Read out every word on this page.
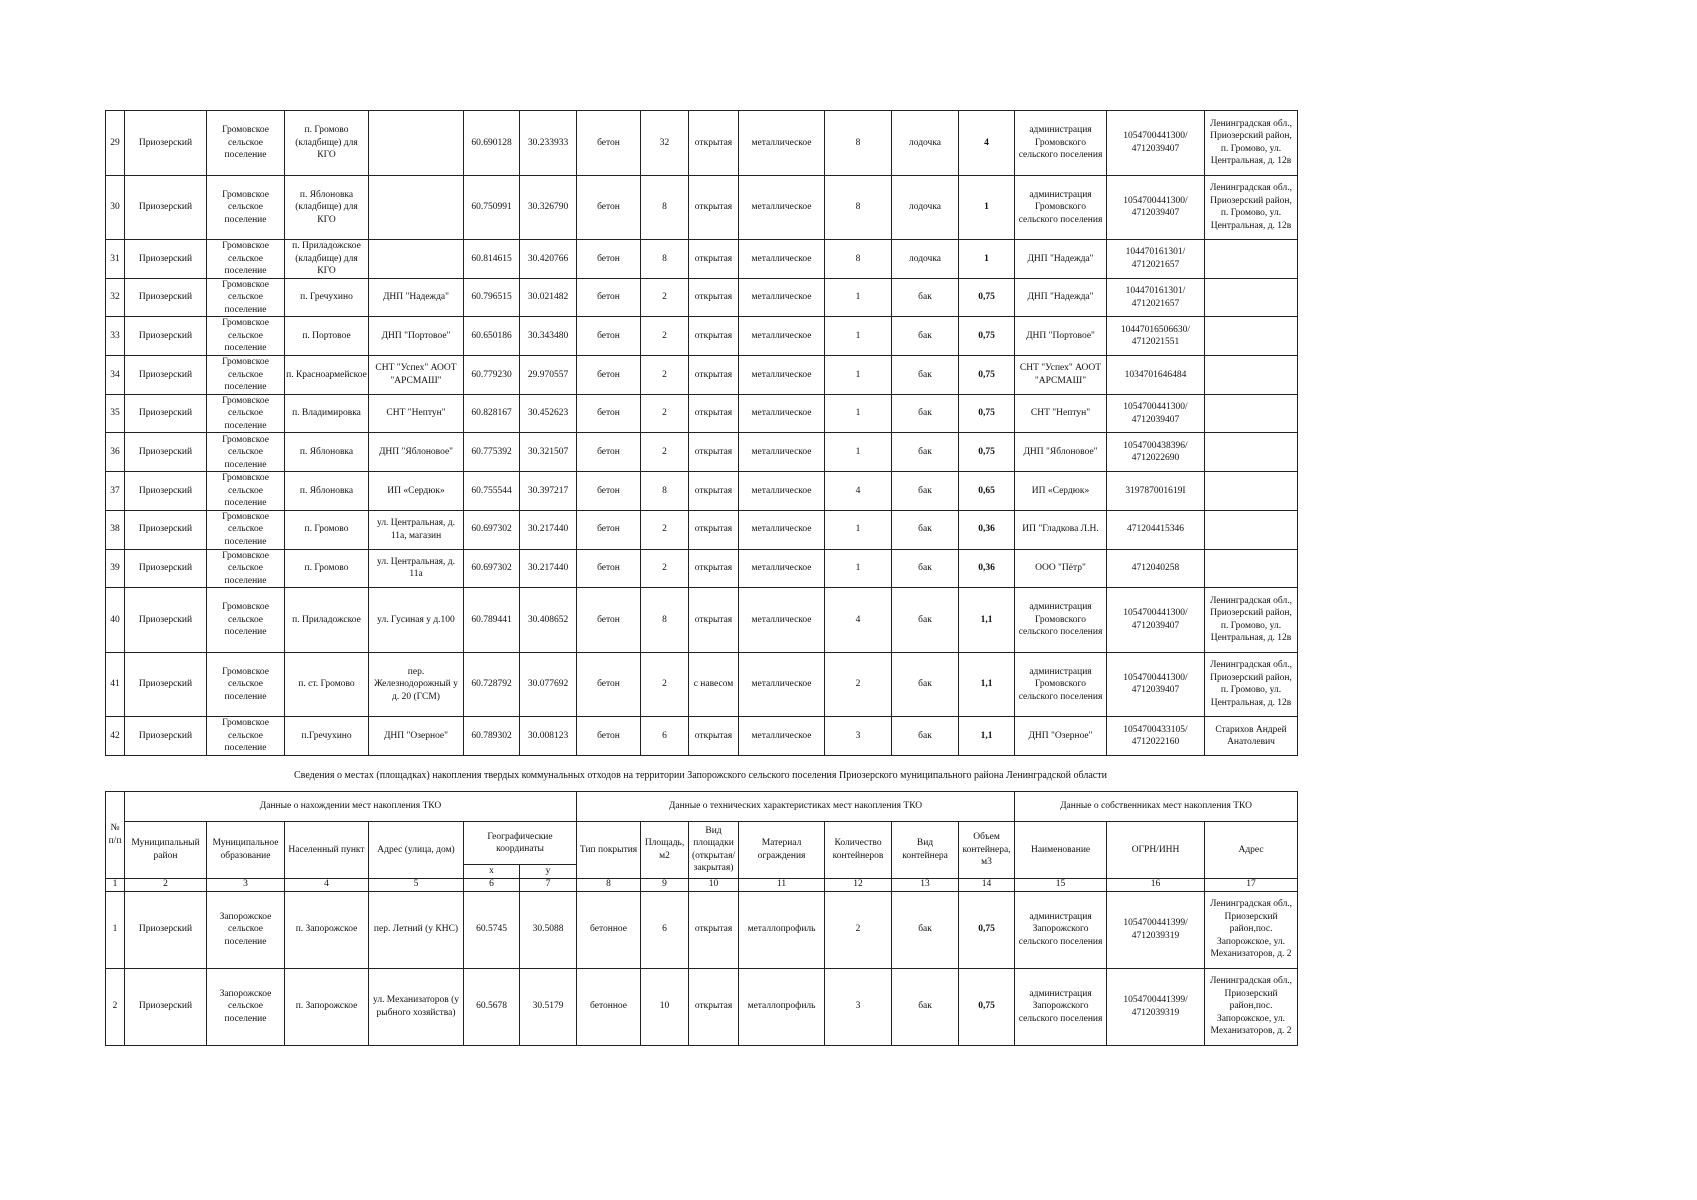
29	Приозерский	Громовское сельское поселение	п. Громово (кладбище) для КГО		60.690128	30.233933	бетон	32	открытая	металлическое	8	лодочка	4	администрация Громовского сельского поселения	1054700441300/ 4712039407	Ленинградская обл., Приозерский район, п. Громово, ул. Центральная, д. 12в
30	Приозерский	Громовское сельское поселение	п. Яблоновка (кладбище) для КГО		60.750991	30.326790	бетон	8	открытая	металлическое	8	лодочка	1	администрация Громовского сельского поселения	1054700441300/ 4712039407	Ленинградская обл., Приозерский район, п. Громово, ул. Центральная, д. 12в
31	Приозерский	Громовское сельское поселение	п. Приладожское (кладбище) для КГО		60.814615	30.420766	бетон	8	открытая	металлическое	8	лодочка	1	ДНП "Надежда"	104470161301/ 4712021657	
32	Приозерский	Громовское сельское поселение	п. Гречухино	ДНП "Надежда"	60.796515	30.021482	бетон	2	открытая	металлическое	1	бак	0,75	ДНП "Надежда"	104470161301/ 4712021657	
33	Приозерский	Громовское сельское поселение	п. Портовое	ДНП "Портовое"	60.650186	30.343480	бетон	2	открытая	металлическое	1	бак	0,75	ДНП "Портовое"	10447016506630/ 4712021551	
34	Приозерский	Громовское сельское поселение	п. Красноармейское	СНТ "Успех" АООТ "АРСМАШ"	60.779230	29.970557	бетон	2	открытая	металлическое	1	бак	0,75	СНТ "Успех" АООТ "АРСМАШ"	1034701646484	
35	Приозерский	Громовское сельское поселение	п. Владимировка	СНТ "Нептун"	60.828167	30.452623	бетон	2	открытая	металлическое	1	бак	0,75	СНТ "Нептун"	1054700441300/ 4712039407	
36	Приозерский	Громовское сельское поселение	п. Яблоновка	ДНП "Яблоновое"	60.775392	30.321507	бетон	2	открытая	металлическое	1	бак	0,75	ДНП "Яблоновое"	1054700438396/ 4712022690	
37	Приозерский	Громовское сельское поселение	п. Яблоновка	ИП «Сердюк»	60.755544	30.397217	бетон	8	открытая	металлическое	4	бак	0,65	ИП «Сердюк»	319787001619I	
38	Приозерский	Громовское сельское поселение	п. Громово	ул. Центральная, д. 11а, магазин	60.697302	30.217440	бетон	2	открытая	металлическое	1	бак	0,36	ИП "Гладкова Л.Н.	471204415346	
39	Приозерский	Громовское сельское поселение	п. Громово	ул. Центральная, д. 11а	60.697302	30.217440	бетон	2	открытая	металлическое	1	бак	0,36	ООО "Пётр"	4712040258	
40	Приозерский	Громовское сельское поселение	п. Приладожское	ул. Гусиная у д.100	60.789441	30.408652	бетон	8	открытая	металлическое	4	бак	1,1	администрация Громовского сельского поселения	1054700441300/ 4712039407	Ленинградская обл., Приозерский район, п. Громово, ул. Центральная, д. 12в
41	Приозерский	Громовское сельское поселение	п. ст. Громово	пер. Железнодорожный у д. 20 (ГСМ)	60.728792	30.077692	бетон	2	с навесом	металлическое	2	бак	1,1	администрация Громовского сельского поселения	1054700441300/ 4712039407	Ленинградская обл., Приозерский район, п. Громово, ул. Центральная, д. 12в
42	Приозерский	Громовское сельское поселение	п.Гречухино	ДНП "Озерное"	60.789302	30.008123	бетон	6	открытая	металлическое	3	бак	1,1	ДНП "Озерное"	1054700433105/ 4712022160	Старихов Андрей Анатолевич
Сведения о местах (площадках) накопления твердых коммунальных отходов на территории Запорожского сельского поселения Приозерского муниципального района Ленинградской области
№ п/п	Данные о нахождении мест накопления ТКО						Данные о технических характеристиках мест накопления ТКО							Данные о собственниках мест накопления ТКО		
	Муниципальный район	Муниципальное образование	Населенный пункт	Адрес (улица, дом)	Географические координаты		Тип покрытия	Площадь, м2	Вид площадки (открытая/ закрытая)	Материал ограждения	Количество контейнеров	Вид контейнера	Объем контейнера, м3	Наименование	ОГРН/ИНН	Адрес
					x	y										
1	2	3	4	5	6	7	8	9	10	11	12	13	14	15	16	17
1	Приозерский	Запорожское сельское поселение	п. Запорожское	пер. Летний (у КНС)	60.5745	30.5088	бетонное	6	открытая	металлопрофиль	2	бак	0,75	администрация Запорожского сельского поселения	1054700441399/ 4712039319	Ленинградская обл., Приозерский район,пос. Запорожское, ул. Механизаторов, д. 2
2	Приозерский	Запорожское сельское поселение	п. Запорожское	ул. Механизаторов (у рыбного хозяйства)	60.5678	30.5179	бетонное	10	открытая	металлопрофиль	3	бак	0,75	администрация Запорожского сельского поселения	1054700441399/ 4712039319	Ленинградская обл., Приозерский район,пос. Запорожское, ул. Механизаторов, д. 2
